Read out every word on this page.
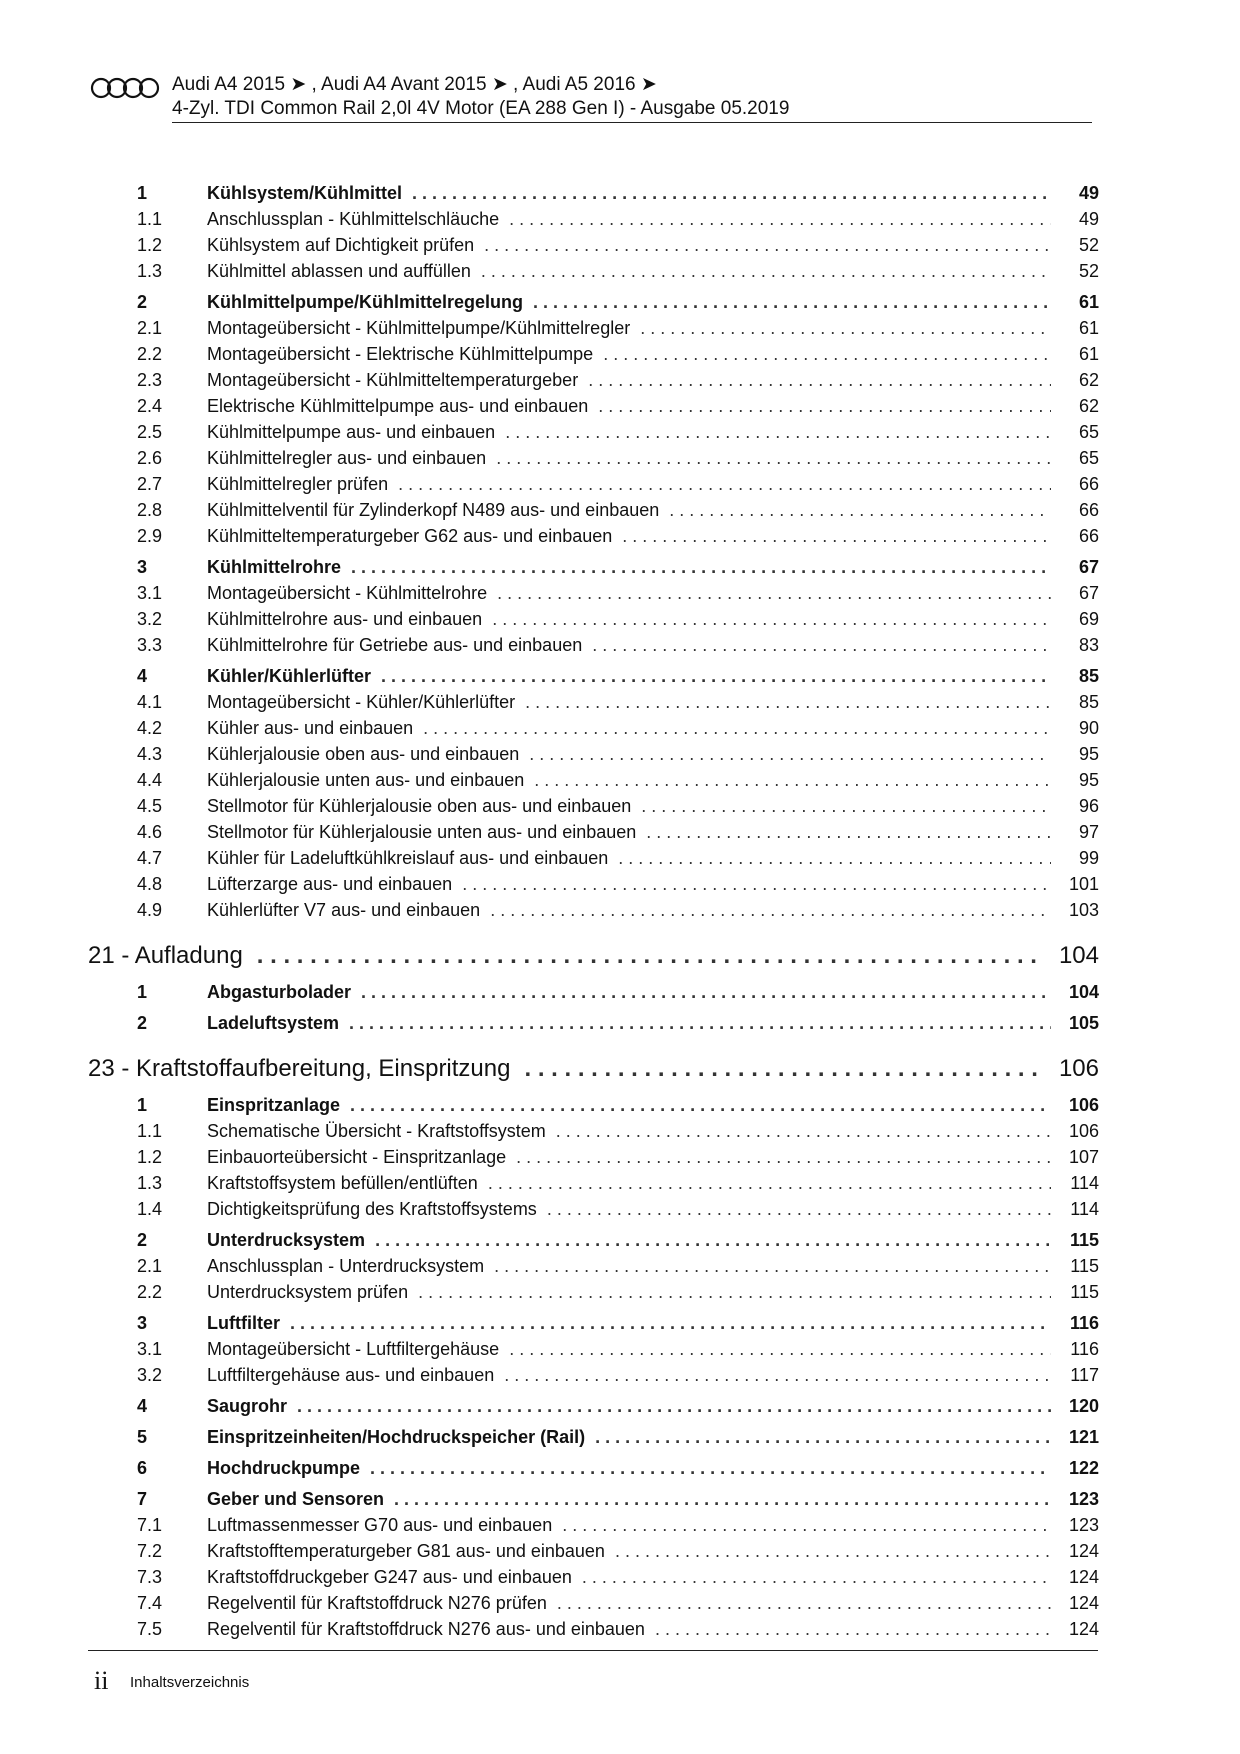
Audi A4 2015 ➤ , Audi A4 Avant 2015 ➤ , Audi A5 2016 ➤
4-Zyl. TDI Common Rail 2,0l 4V Motor (EA 288 Gen I) - Ausgabe 05.2019
1	Kühlsystem/Kühlmittel . . .	49
1.1	Anschlussplan - Kühlmittelschläuche . . .	49
1.2	Kühlsystem auf Dichtigkeit prüfen . . .	52
1.3	Kühlmittel ablassen und auffüllen . . .	52
2	Kühlmittelpumpe/Kühlmittelregelung . . .	61
2.1	Montageübersicht - Kühlmittelpumpe/Kühlmittelregler . . .	61
2.2	Montageübersicht - Elektrische Kühlmittelpumpe . . .	61
2.3	Montageübersicht - Kühlmitteltemperaturgeber . . .	62
2.4	Elektrische Kühlmittelpumpe aus- und einbauen . . .	62
2.5	Kühlmittelpumpe aus- und einbauen . . .	65
2.6	Kühlmittelregler aus- und einbauen . . .	65
2.7	Kühlmittelregler prüfen . . .	66
2.8	Kühlmittelventil für Zylinderkopf N489 aus- und einbauen . . .	66
2.9	Kühlmitteltemperaturgeber G62 aus- und einbauen . . .	66
3	Kühlmittelrohre . . .	67
3.1	Montageübersicht - Kühlmittelrohre . . .	67
3.2	Kühlmittelrohre aus- und einbauen . . .	69
3.3	Kühlmittelrohre für Getriebe aus- und einbauen . . .	83
4	Kühler/Kühlerlüfter . . .	85
4.1	Montageübersicht - Kühler/Kühlerlüfter . . .	85
4.2	Kühler aus- und einbauen . . .	90
4.3	Kühlerjalousie oben aus- und einbauen . . .	95
4.4	Kühlerjalousie unten aus- und einbauen . . .	95
4.5	Stellmotor für Kühlerjalousie oben aus- und einbauen . . .	96
4.6	Stellmotor für Kühlerjalousie unten aus- und einbauen . . .	97
4.7	Kühler für Ladeluftkühlkreislauf aus- und einbauen . . .	99
4.8	Lüfterzarge aus- und einbauen . . .	101
4.9	Kühlerlüfter V7 aus- und einbauen . . .	103
21 - Aufladung . . .	104
1	Abgasturbolader . . .	104
2	Ladeluftsystem . . .	105
23 - Kraftstoffaufbereitung, Einspritzung . . .	106
1	Einspritzanlage . . .	106
1.1	Schematische Übersicht - Kraftstoffsystem . . .	106
1.2	Einbauorteübersicht - Einspritzanlage . . .	107
1.3	Kraftstoffsystem befüllen/entlüften . . .	114
1.4	Dichtigkeitsprüfung des Kraftstoffsystems . . .	114
2	Unterdrucksystem . . .	115
2.1	Anschlussplan - Unterdrucksystem . . .	115
2.2	Unterdrucksystem prüfen . . .	115
3	Luftfilter . . .	116
3.1	Montageübersicht - Luftfiltergehäuse . . .	116
3.2	Luftfiltergehäuse aus- und einbauen . . .	117
4	Saugrohr . . .	120
5	Einspritzeinheiten/Hochdruckspeicher (Rail) . . .	121
6	Hochdruckpumpe . . .	122
7	Geber und Sensoren . . .	123
7.1	Luftmassenmesser G70 aus- und einbauen . . .	123
7.2	Kraftstofftemperaturgeber G81 aus- und einbauen . . .	124
7.3	Kraftstoffdruckgeber G247 aus- und einbauen . . .	124
7.4	Regelventil für Kraftstoffdruck N276 prüfen . . .	124
7.5	Regelventil für Kraftstoffdruck N276 aus- und einbauen . . .	124
ii Inhaltsverzeichnis
